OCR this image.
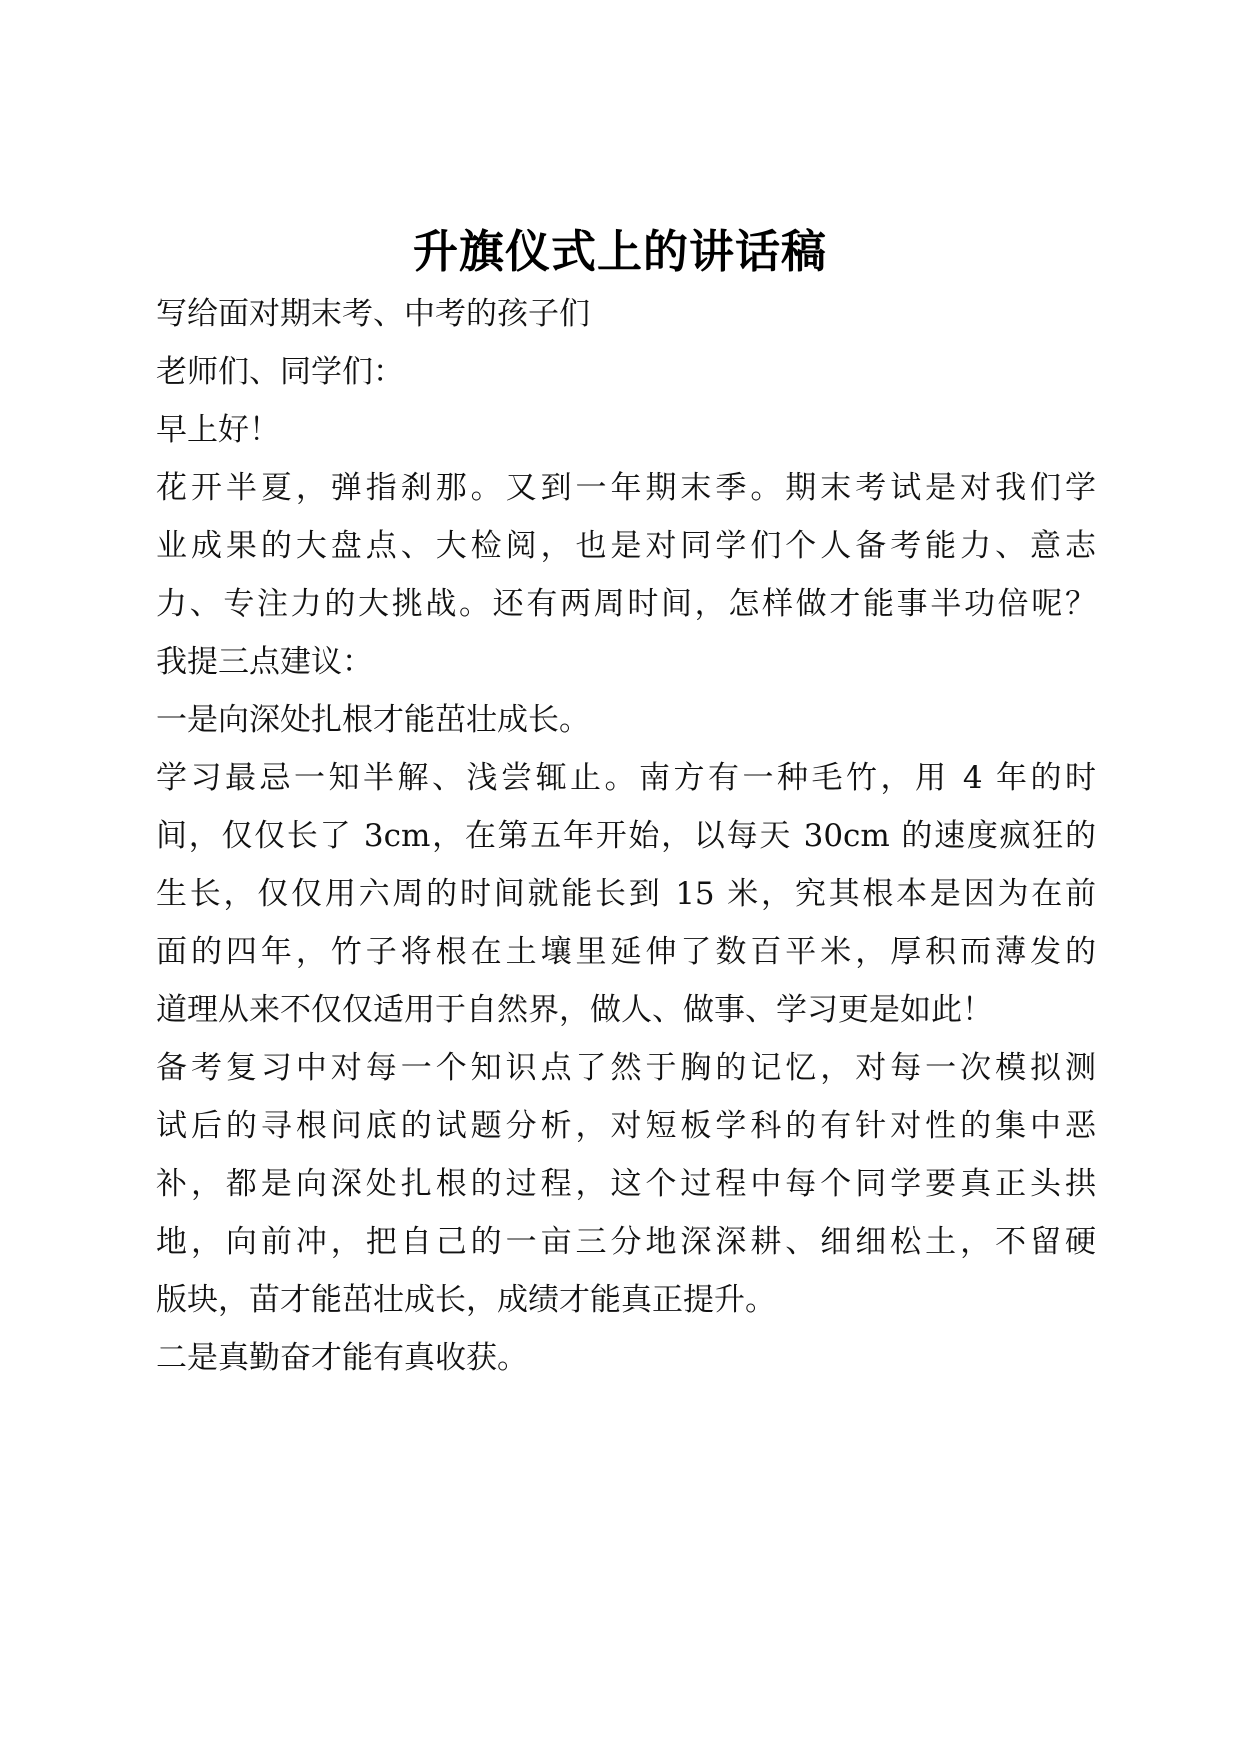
升旗仪式上的讲话稿
写给面对期末考、中考的孩子们
老师们、同学们：
早上好！
花开半夏，弹指刹那。又到一年期末季。期末考试是对我们学
业成果的大盘点、大检阅，也是对同学们个人备考能力、意志
力、专注力的大挑战。还有两周时间，怎样做才能事半功倍呢？
我提三点建议：
一是向深处扎根才能茁壮成长。
学习最忌一知半解、浅尝辄止。南方有一种毛竹，用 4 年的时
间，仅仅长了 3cm，在第五年开始，以每天 30cm 的速度疯狂的
生长，仅仅用六周的时间就能长到 15 米，究其根本是因为在前
面的四年，竹子将根在土壤里延伸了数百平米，厚积而薄发的
道理从来不仅仅适用于自然界，做人、做事、学习更是如此！
备考复习中对每一个知识点了然于胸的记忆，对每一次模拟测
试后的寻根问底的试题分析，对短板学科的有针对性的集中恶
补，都是向深处扎根的过程，这个过程中每个同学要真正头拱
地，向前冲，把自己的一亩三分地深深耕、细细松土，不留硬
版块，苗才能茁壮成长，成绩才能真正提升。
二是真勤奋才能有真收获。
